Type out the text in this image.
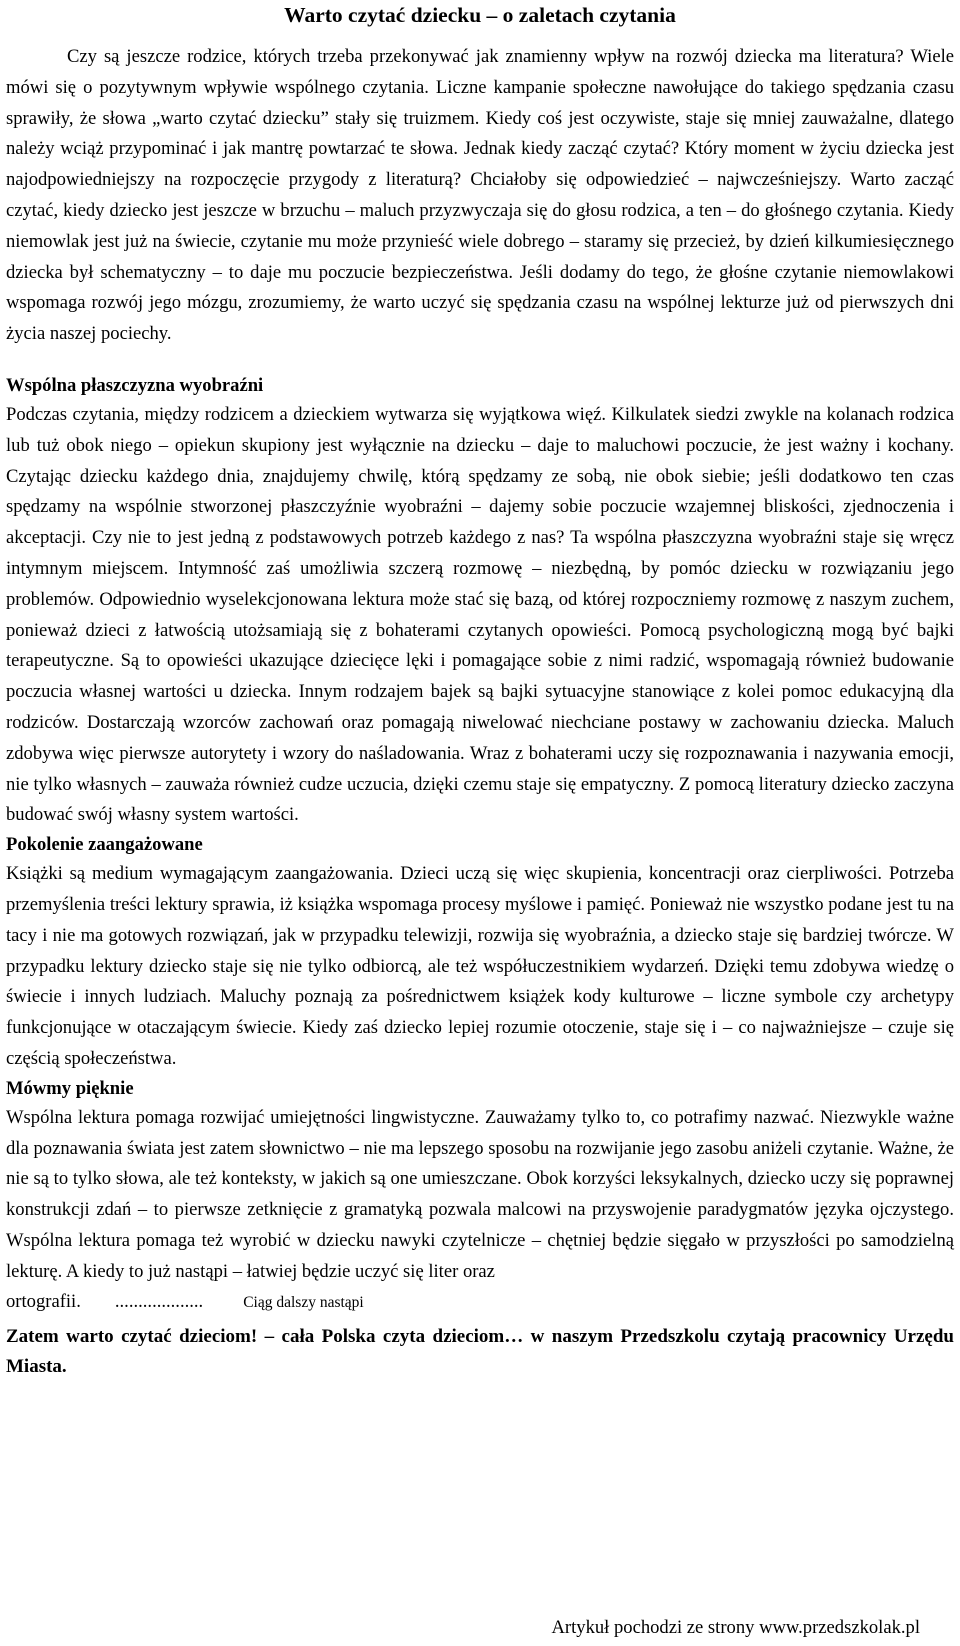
Warto czytać dziecku – o zaletach czytania

Czy są jeszcze rodzice, których trzeba przekonywać jak znamienny wpływ na rozwój dziecka ma literatura? Wiele mówi się o pozytywnym wpływie wspólnego czytania. Liczne kampanie społeczne nawołujące do takiego spędzania czasu sprawiły, że słowa „warto czytać dziecku” stały się truizmem. Kiedy coś jest oczywiste, staje się mniej zauważalne, dlatego należy wciąż przypominać i jak mantrę powtarzać te słowa. Jednak kiedy zacząć czytać? Który moment w życiu dziecka jest najodpowiedniejszy na rozpoczęcie przygody z literaturą? Chciałoby się odpowiedzieć – najwcześniejszy. Warto zacząć czytać, kiedy dziecko jest jeszcze w brzuchu – maluch przyzwyczaja się do głosu rodzica, a ten – do głośnego czytania. Kiedy niemowlak jest już na świecie, czytanie mu może przynieść wiele dobrego – staramy się przecież, by dzień kilkumiesięcznego dziecka był schematyczny – to daje mu poczucie bezpieczeństwa. Jeśli dodamy do tego, że głośne czytanie niemowlakowi wspomaga rozwój jego mózgu, zrozumiemy, że warto uczyć się spędzania czasu na wspólnej lekturze już od pierwszych dni życia naszej pociechy.

Wspólna płaszczyzna wyobraźni

Podczas czytania, między rodzicem a dzieckiem wytwarza się wyjątkowa więź. Kilkulatek siedzi zwykle na kolanach rodzica lub tuż obok niego – opiekun skupiony jest wyłącznie na dziecku – daje to maluchowi poczucie, że jest ważny i kochany. Czytając dziecku każdego dnia, znajdujemy chwilę, którą spędzamy ze sobą, nie obok siebie; jeśli dodatkowo ten czas spędzamy na wspólnie stworzonej płaszczyźnie wyobraźni – dajemy sobie poczucie wzajemnej bliskości, zjednoczenia i akceptacji. Czy nie to jest jedną z podstawowych potrzeb każdego z nas? Ta wspólna płaszczyzna wyobraźni staje się wręcz intymnym miejscem. Intymność zaś umożliwia szczerą rozmowę – niezbędną, by pomóc dziecku w rozwiązaniu jego problemów. Odpowiednio wyselekcjonowana lektura może stać się bazą, od której rozpoczniemy rozmowę z naszym zuchem, ponieważ dzieci z łatwością utożsamiają się z bohaterami czytanych opowieści. Pomocą psychologiczną mogą być bajki terapeutyczne. Są to opowieści ukazujące dziecięce lęki i pomagające sobie z nimi radzić, wspomagają również budowanie poczucia własnej wartości u dziecka. Innym rodzajem bajek są bajki sytuacyjne stanowiące z kolei pomoc edukacyjną dla rodziców. Dostarczają wzorców zachowań oraz pomagają niwelować niechciane postawy w zachowaniu dziecka. Maluch zdobywa więc pierwsze autorytety i wzory do naśladowania. Wraz z bohaterami uczy się rozpoznawania i nazywania emocji, nie tylko własnych – zauważa również cudze uczucia, dzięki czemu staje się empatyczny. Z pomocą literatury dziecko zaczyna budować swój własny system wartości.

Pokolenie zaangażowane

Książki są medium wymagającym zaangażowania. Dzieci uczą się więc skupienia, koncentracji oraz cierpliwości. Potrzeba przemyślenia treści lektury sprawia, iż książka wspomaga procesy myślowe i pamięć. Ponieważ nie wszystko podane jest tu na tacy i nie ma gotowych rozwiązań, jak w przypadku telewizji, rozwija się wyobraźnia, a dziecko staje się bardziej twórcze. W przypadku lektury dziecko staje się nie tylko odbiorcą, ale też współuczestnikiem wydarzeń. Dzięki temu zdobywa wiedzę o świecie i innych ludziach. Maluchy poznają za pośrednictwem książek kody kulturowe – liczne symbole czy archetypy funkcjonujące w otaczającym świecie. Kiedy zaś dziecko lepiej rozumie otoczenie, staje się i – co najważniejsze – czuje się częścią społeczeństwa.

Mówmy pięknie

Wspólna lektura pomaga rozwijać umiejętności lingwistyczne. Zauważamy tylko to, co potrafimy nazwać. Niezwykle ważne dla poznawania świata jest zatem słownictwo – nie ma lepszego sposobu na rozwijanie jego zasobu aniżeli czytanie. Ważne, że nie są to tylko słowa, ale też konteksty, w jakich są one umieszczane. Obok korzyści leksykalnych, dziecko uczy się poprawnej konstrukcji zdań – to pierwsze zetknięcie z gramatyką pozwala malcowi na przyswojenie paradygmatów języka ojczystego. Wspólna lektura pomaga też wyrobić w dziecku nawyki czytelnicze – chętniej będzie sięgało w przyszłości po samodzielną lekturę. A kiedy to już nastąpi – łatwiej będzie uczyć się liter oraz

ortografii. ...................	Ciąg dalszy nastąpi

Zatem warto czytać dzieciom! – cała Polska czyta dzieciom… w naszym Przedszkolu czytają pracownicy Urzędu Miasta.

Artykuł pochodzi ze strony www.przedszkolak.pl
